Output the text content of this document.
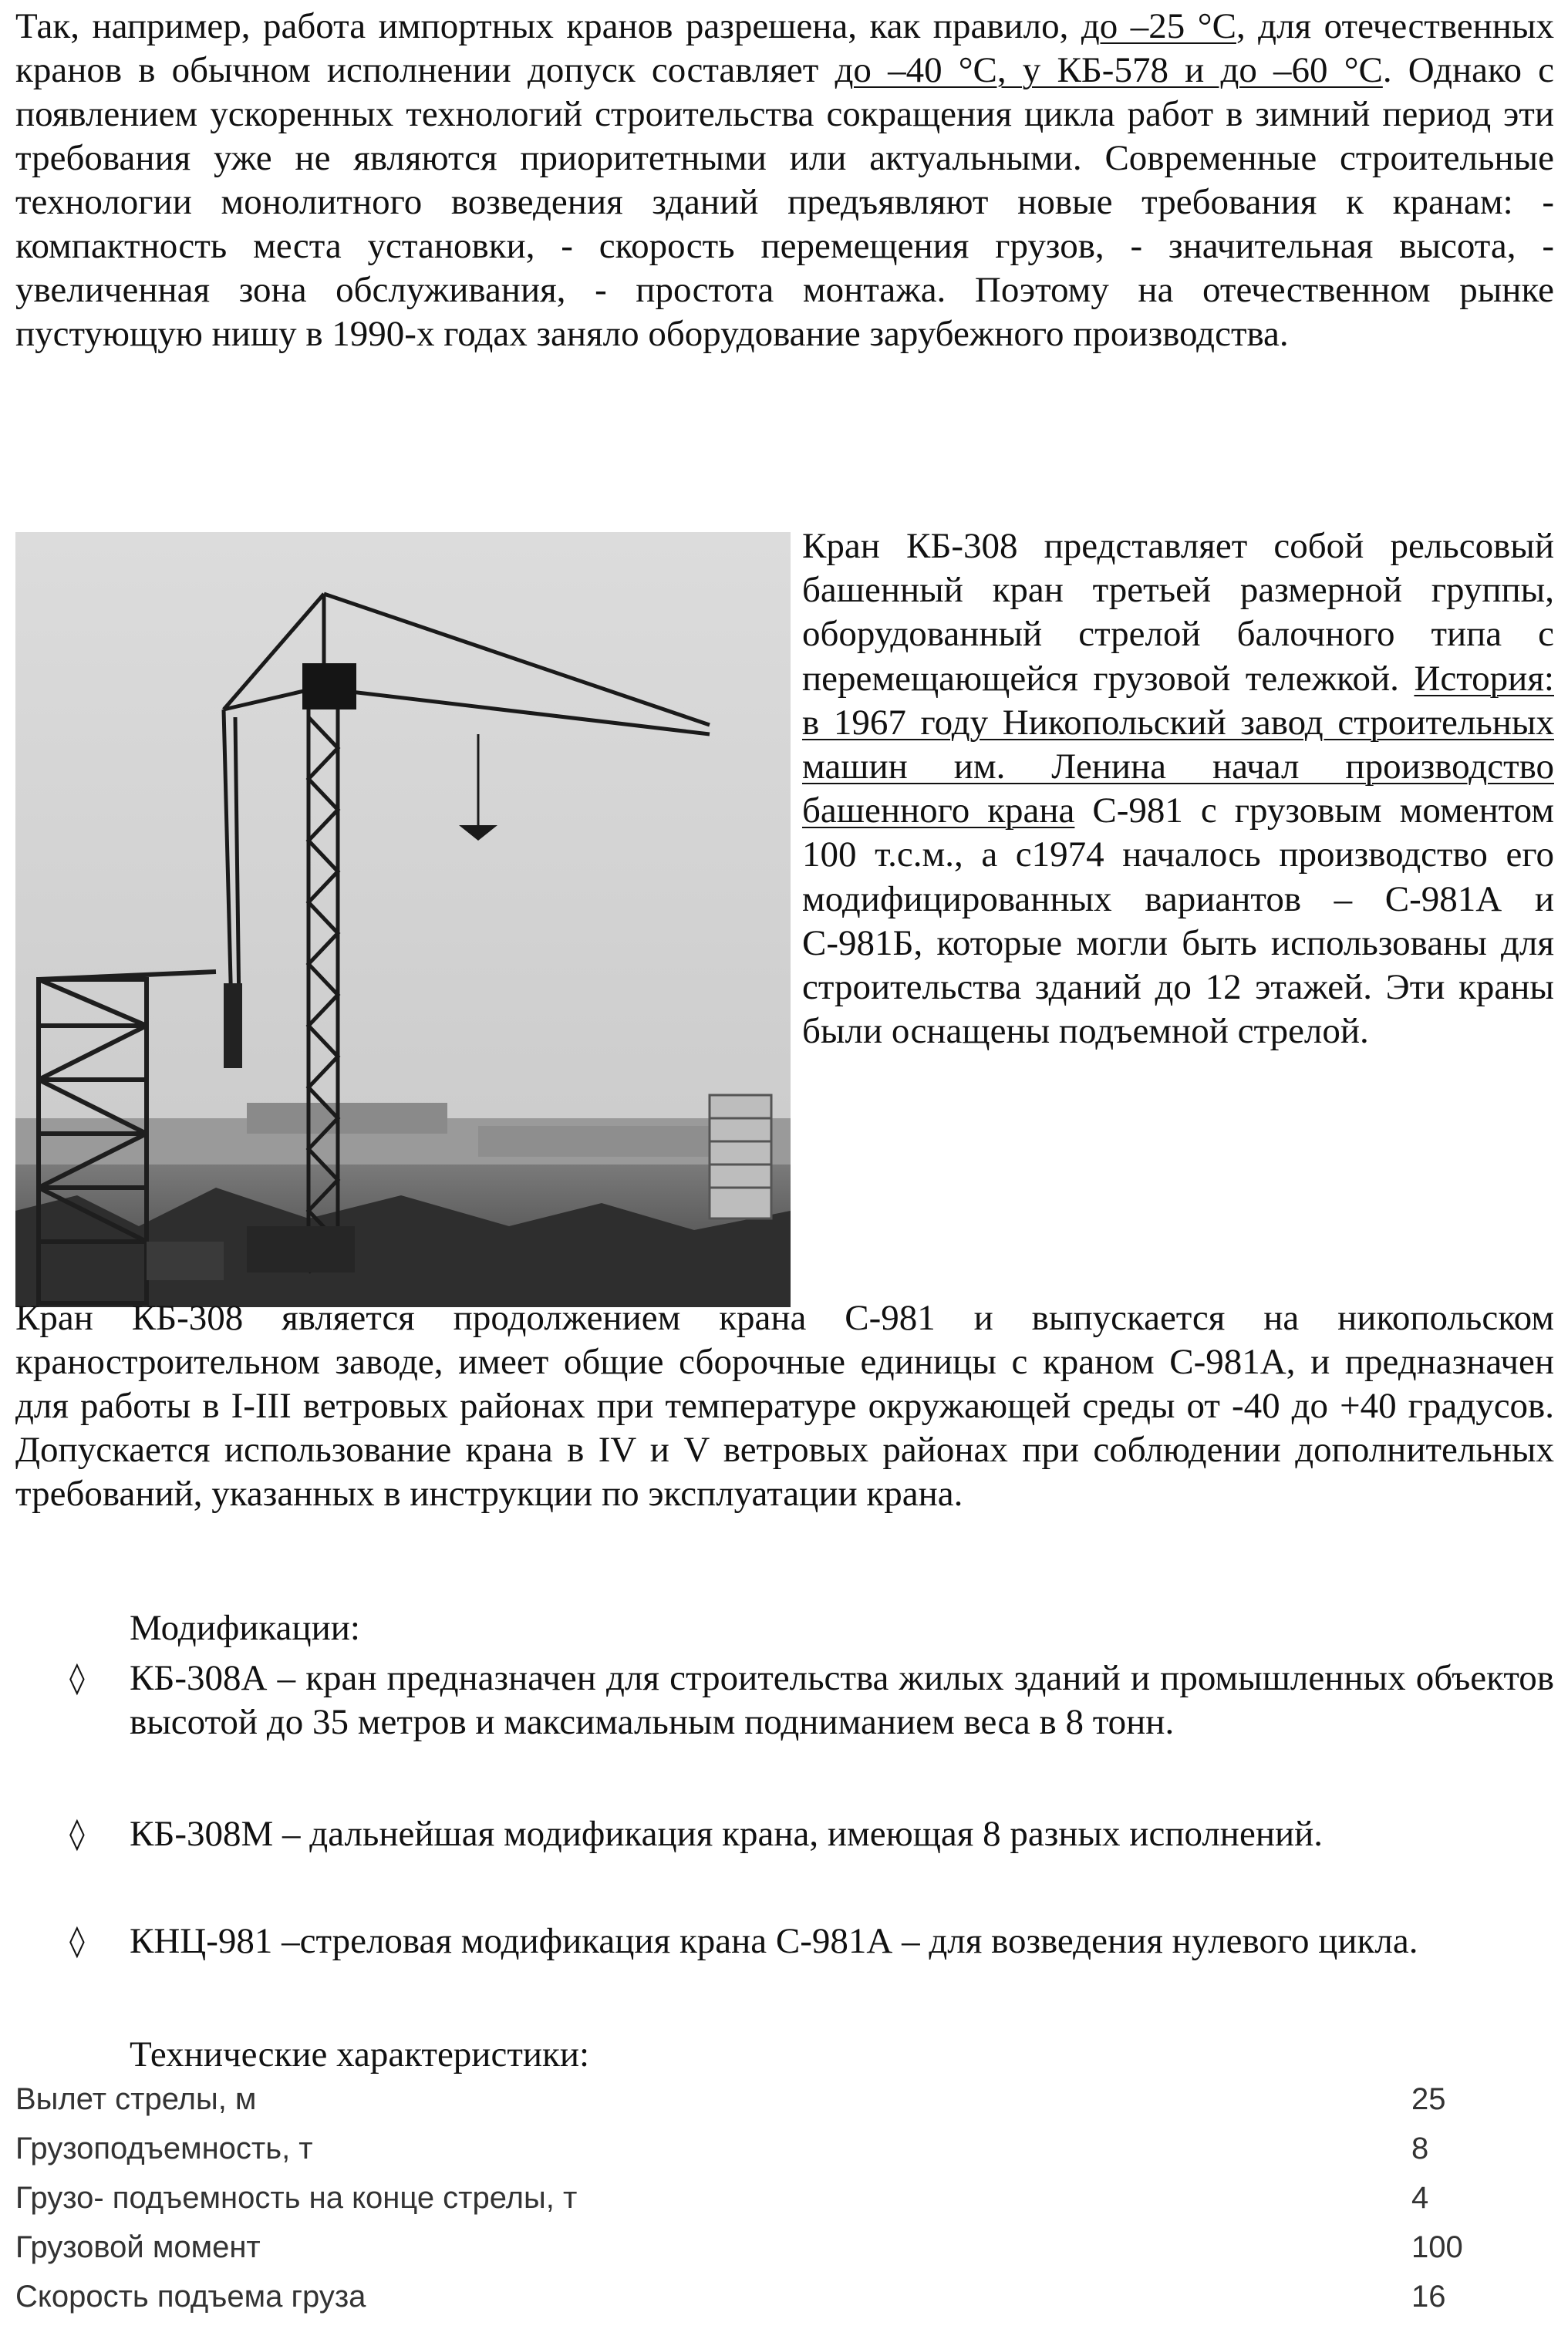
Так, например, работа импортных кранов разрешена, как правило, до –25 °С, для отечественных кранов в обычном исполнении допуск составляет до –40 °С, у КБ-578 и до –60 °С. Однако с появлением ускоренных технологий строительства сокращения цикла работ в зимний период эти требования уже не являются приоритетными или актуальными. Современные строительные технологии монолитного возведения зданий предъявляют новые требования к кранам: - компактность места установки, - скорость перемещения грузов, - значительная высота, - увеличенная зона обслуживания, - простота монтажа. Поэтому на отечественном рынке пустующую нишу в 1990-х годах заняло оборудование зарубежного производства.
Кран КБ-308 представляет собой рельсовый башенный кран третьей размерной группы, оборудованный стрелой балочного типа с перемещающейся грузовой тележкой. История: в 1967 году Никопольский завод строительных машин им. Ленина начал производство башенного крана С-981 с грузовым моментом 100 т.с.м., а с1974 началось производство его модифицированных вариантов – С-981А и С-981Б, которые могли быть использованы для строительства зданий до 12 этажей. Эти краны были оснащены подъемной стрелой.
Кран КБ-308 является продолжением крана С-981 и выпускается на никопольском краностроительном заводе, имеет общие сборочные единицы с краном С-981А, и предназначен для работы в I-III ветровых районах при температуре окружающей среды от -40 до +40 градусов. Допускается использование крана в IV и V ветровых районах при соблюдении дополнительных требований, указанных в инструкции по эксплуатации крана.
Модификации:
◊ КБ-308А – кран предназначен для строительства жилых зданий и промышленных объектов высотой до 35 метров и максимальным подниманием веса в 8 тонн.
◊ КБ-308М – дальнейшая модификация крана, имеющая 8 разных исполнений.
◊ КНЦ-981 –стреловая модификация крана С-981А – для возведения нулевого цикла.
Технические характеристики:
Вылет стрелы, м	25
Грузоподъемность, т	8
Грузо- подъемность на конце стрелы, т	4
Грузовой момент	100
Скорость подъема груза	16
